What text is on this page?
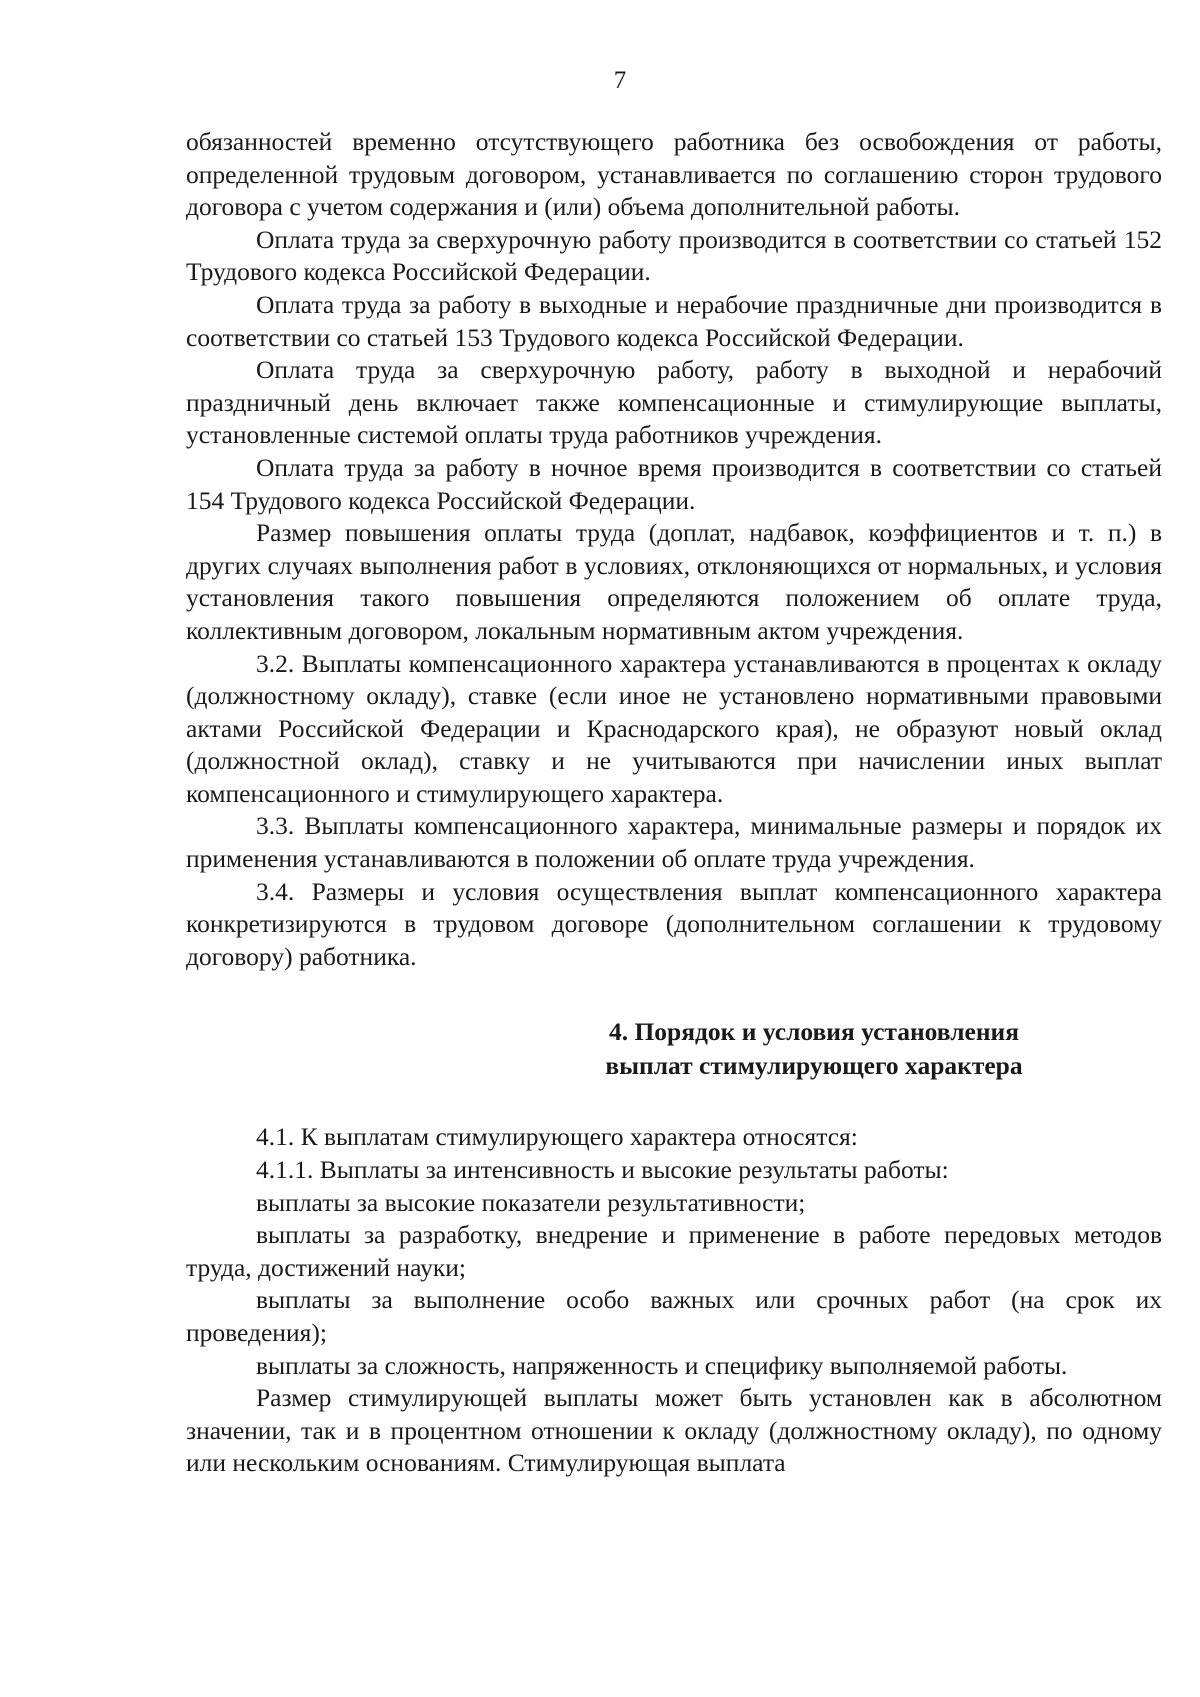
7

обязанностей временно отсутствующего работника без освобождения от работы, определенной трудовым договором, устанавливается по соглашению сторон трудового договора с учетом содержания и (или) объема дополнительной работы.

Оплата труда за сверхурочную работу производится в соответствии со статьей 152 Трудового кодекса Российской Федерации.

Оплата труда за работу в выходные и нерабочие праздничные дни производится в соответствии со статьей 153 Трудового кодекса Российской Федерации.

Оплата труда за сверхурочную работу, работу в выходной и нерабочий праздничный день включает также компенсационные и стимулирующие выплаты, установленные системой оплаты труда работников учреждения.

Оплата труда за работу в ночное время производится в соответствии со статьей 154 Трудового кодекса Российской Федерации.

Размер повышения оплаты труда (доплат, надбавок, коэффициентов и т. п.) в других случаях выполнения работ в условиях, отклоняющихся от нормальных, и условия установления такого повышения определяются положением об оплате труда, коллективным договором, локальным нормативным актом учреждения.

3.2. Выплаты компенсационного характера устанавливаются в процентах к окладу (должностному окладу), ставке (если иное не установлено нормативными правовыми актами Российской Федерации и Краснодарского края), не образуют новый оклад (должностной оклад), ставку и не учитываются при начислении иных выплат компенсационного и стимулирующего характера.

3.3. Выплаты компенсационного характера, минимальные размеры и порядок их применения устанавливаются в положении об оплате труда учреждения.

3.4. Размеры и условия осуществления выплат компенсационного характера конкретизируются в трудовом договоре (дополнительном соглашении к трудовому договору) работника.

4. Порядок и условия установления
выплат стимулирующего характера

4.1. К выплатам стимулирующего характера относятся:

4.1.1. Выплаты за интенсивность и высокие результаты работы:

выплаты за высокие показатели результативности;

выплаты за разработку, внедрение и применение в работе передовых методов труда, достижений науки;

выплаты за выполнение особо важных или срочных работ (на срок их проведения);

выплаты за сложность, напряженность и специфику выполняемой работы.

Размер стимулирующей выплаты может быть установлен как в абсолютном значении, так и в процентном отношении к окладу (должностному окладу), по одному или нескольким основаниям. Стимулирующая выплата
